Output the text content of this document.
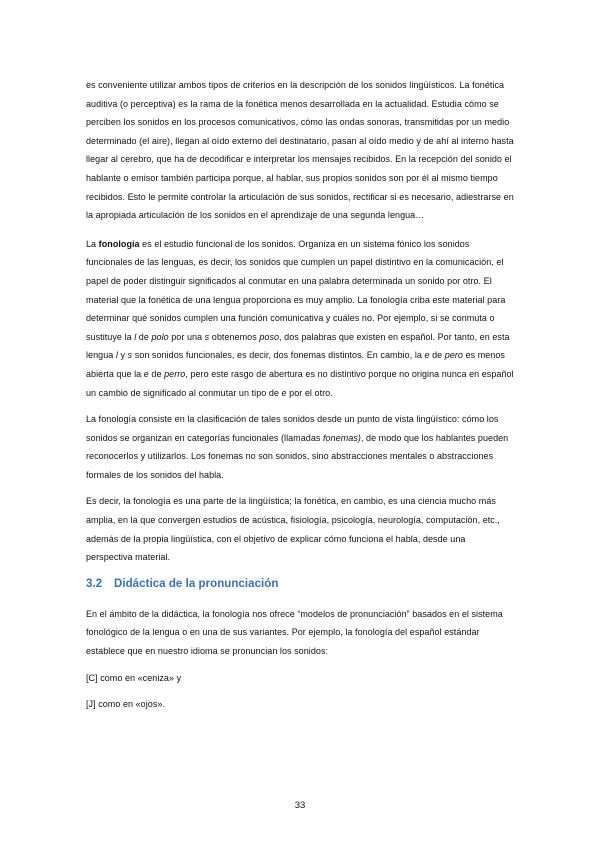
es conveniente utilizar ambos tipos de criterios en la descripción de los sonidos lingüísticos. La fonética auditiva (o perceptiva) es la rama de la fonética menos desarrollada en la actualidad. Estudia cómo se perciben los sonidos en los procesos comunicativos, cómo las ondas sonoras, transmitidas por un medio determinado (el aire), llegan al oído externo del destinatario, pasan al oído medio y de ahí al interno hasta llegar al cerebro, que ha de decodificar e interpretar los mensajes recibidos. En la recepción del sonido el hablante o emisor también participa porque, al hablar, sus propios sonidos son por él al mismo tiempo recibidos. Esto le permite controlar la articulación de sus sonidos, rectificar si es necesario, adiestrarse en la apropiada articulación de los sonidos en el aprendizaje de una segunda lengua…

La fonología es el estudio funcional de los sonidos. Organiza en un sistema fónico los sonidos funcionales de las lenguas, es decir, los sonidos que cumplen un papel distintivo en la comunicación, el papel de poder distinguir significados al conmutar en una palabra determinada un sonido por otro. El material que la fonética de una lengua proporciona es muy amplio. La fonología criba este material para determinar qué sonidos cumplen una función comunicativa y cuáles no. Por ejemplo, si se conmuta o sustituye la l de polo por una s obtenemos poso, dos palabras que existen en español. Por tanto, en esta lengua l y s son sonidos funcionales, es decir, dos fonemas distintos. En cambio, la e de pero es menos abierta que la e de perro, pero este rasgo de abertura es no distintivo porque no origina nunca en español un cambio de significado al conmutar un tipo de e por el otro.

La fonología consiste en la clasificación de tales sonidos desde un punto de vista lingüístico: cómo los sonidos se organizan en categorías funcionales (llamadas fonemas), de modo que los hablantes pueden reconocerlos y utilizarlos. Los fonemas no son sonidos, sino abstracciones mentales o abstracciones formales de los sonidos del habla.

Es decir, la fonología es una parte de la lingüística; la fonética, en cambio, es una ciencia mucho más amplia, en la que convergen estudios de acústica, fisiología, psicología, neurología, computación, etc., además de la propia lingüística, con el objetivo de explicar cómo funciona el habla, desde una perspectiva material.

3.2 Didáctica de la pronunciación

En el ámbito de la didáctica, la fonología nos ofrece “modelos de pronunciación” basados en el sistema fonológico de la lengua o en una de sus variantes. Por ejemplo, la fonología del español estándar establece que en nuestro idioma se pronuncian los sonidos:

[C] como en «ceniza» y

[J] como en «ojos».

33
